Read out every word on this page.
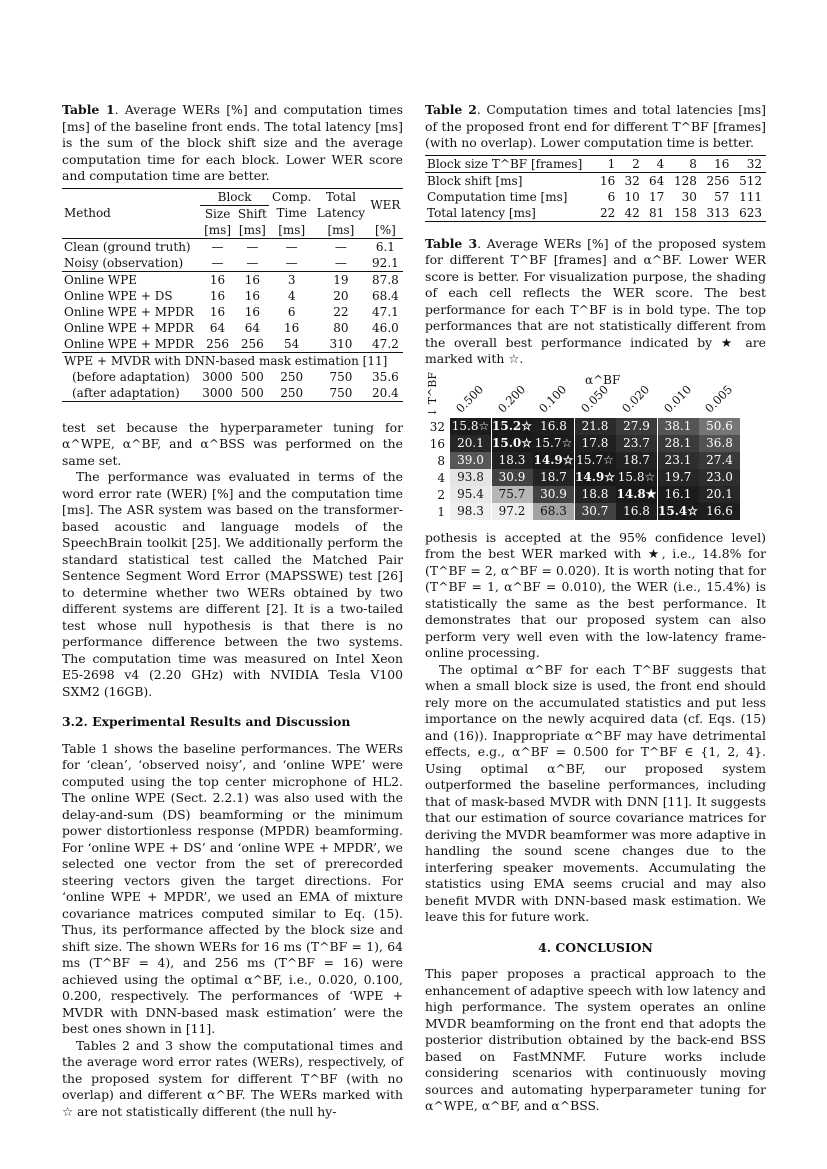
Table 1. Average WERs [%] and computation times [ms] of the baseline front ends. The total latency [ms] is the sum of the block shift size and the average computation time for each block. Lower WER score and computation time are better.

Method	Block		Comp.	Total	WER
	Size	Shift	Time	Latency	
	[ms]	[ms]	[ms]	[ms]	[%]
Clean (ground truth)	—	—	—	—	6.1
Noisy (observation)	—	—	—	—	92.1
Online WPE	16	16	3	19	87.8
Online WPE + DS	16	16	4	20	68.4
Online WPE + MPDR	16	16	6	22	47.1
Online WPE + MPDR	64	64	16	80	46.0
Online WPE + MPDR	256	256	54	310	47.2
WPE + MVDR with DNN-based mask estimation [11]					
(before adaptation)	3000	500	250	750	35.6
(after adaptation)	3000	500	250	750	20.4

test set because the hyperparameter tuning for α^WPE, α^BF, and α^BSS was performed on the same set.

The performance was evaluated in terms of the word error rate (WER) [%] and the computation time [ms]. The ASR system was based on the transformer-based acoustic and language models of the SpeechBrain toolkit [25]. We additionally perform the standard statistical test called the Matched Pair Sentence Segment Word Error (MAPSSWE) test [26] to determine whether two WERs obtained by two different systems are different [2]. It is a two-tailed test whose null hypothesis is that there is no performance difference between the two systems. The computation time was measured on Intel Xeon E5-2698 v4 (2.20 GHz) with NVIDIA Tesla V100 SXM2 (16GB).

3.2. Experimental Results and Discussion

Table 1 shows the baseline performances. The WERs for ‘clean’, ‘observed noisy’, and ‘online WPE’ were computed using the top center microphone of HL2. The online WPE (Sect. 2.2.1) was also used with the delay-and-sum (DS) beamforming or the minimum power distortionless response (MPDR) beamforming. For ‘online WPE + DS’ and ‘online WPE + MPDR’, we selected one vector from the set of prerecorded steering vectors given the target directions. For ‘online WPE + MPDR’, we used an EMA of mixture covariance matrices computed similar to Eq. (15). Thus, its performance affected by the block size and shift size. The shown WERs for 16 ms (T^BF = 1), 64 ms (T^BF = 4), and 256 ms (T^BF = 16) were achieved using the optimal α^BF, i.e., 0.020, 0.100, 0.200, respectively. The performances of ‘WPE + MVDR with DNN-based mask estimation’ were the best ones shown in [11].

Tables 2 and 3 show the computational times and the average word error rates (WERs), respectively, of the proposed system for different T^BF (with no overlap) and different α^BF. The WERs marked with ☆ are not statistically different (the null hy-

Table 2. Computation times and total latencies [ms] of the proposed front end for different T^BF [frames] (with no overlap). Lower computation time is better.

Block size T^BF [frames]	1	2	4	8	16	32
Block shift [ms]	16	32	64	128	256	512
Computation time [ms]	6	10	17	30	57	111
Total latency [ms]	22	42	81	158	313	623

Table 3. Average WERs [%] of the proposed system for different T^BF [frames] and α^BF. Lower WER score is better. For visualization purpose, the shading of each cell reflects the WER score. The best performance for each T^BF is in bold type. The top performances that are not statistically different from the overall best performance indicated by ★ are marked with ☆.

↓ T^BF	α^BF
0.500 0.200 0.100 0.050 0.020 0.010 0.005
32 15.8☆ 15.2☆ 16.8	21.8	27.9	38.1	50.6
16	20.1 15.0☆ 15.7☆ 17.8	23.7	28.1	36.8
8	39.0	18.3 14.9☆ 15.7☆ 18.7	23.1	27.4
4	93.8	30.9	18.7 14.9☆ 15.8☆ 19.7	23.0
2	95.4	75.7	30.9	18.8 14.8★ 16.1	20.1
1	98.3	97.2	68.3	30.7	16.8 15.4☆ 16.6

pothesis is accepted at the 95% confidence level) from the best WER marked with ★, i.e., 14.8% for (T^BF = 2, α^BF = 0.020). It is worth noting that for (T^BF = 1, α^BF = 0.010), the WER (i.e., 15.4%) is statistically the same as the best performance. It demonstrates that our proposed system can also perform very well even with the low-latency frame-online processing.

The optimal α^BF for each T^BF suggests that when a small block size is used, the front end should rely more on the accumulated statistics and put less importance on the newly acquired data (cf. Eqs. (15) and (16)). Inappropriate α^BF may have detrimental effects, e.g., α^BF = 0.500 for T^BF ∈ {1, 2, 4}. Using optimal α^BF, our proposed system outperformed the baseline performances, including that of mask-based MVDR with DNN [11]. It suggests that our estimation of source covariance matrices for deriving the MVDR beamformer was more adaptive in handling the sound scene changes due to the interfering speaker movements. Accumulating the statistics using EMA seems crucial and may also benefit MVDR with DNN-based mask estimation. We leave this for future work.

4. CONCLUSION

This paper proposes a practical approach to the enhancement of adaptive speech with low latency and high performance. The system operates an online MVDR beamforming on the front end that adopts the posterior distribution obtained by the back-end BSS based on FastMNMF. Future works include considering scenarios with continuously moving sources and automating hyperparameter tuning for α^WPE, α^BF, and α^BSS.
